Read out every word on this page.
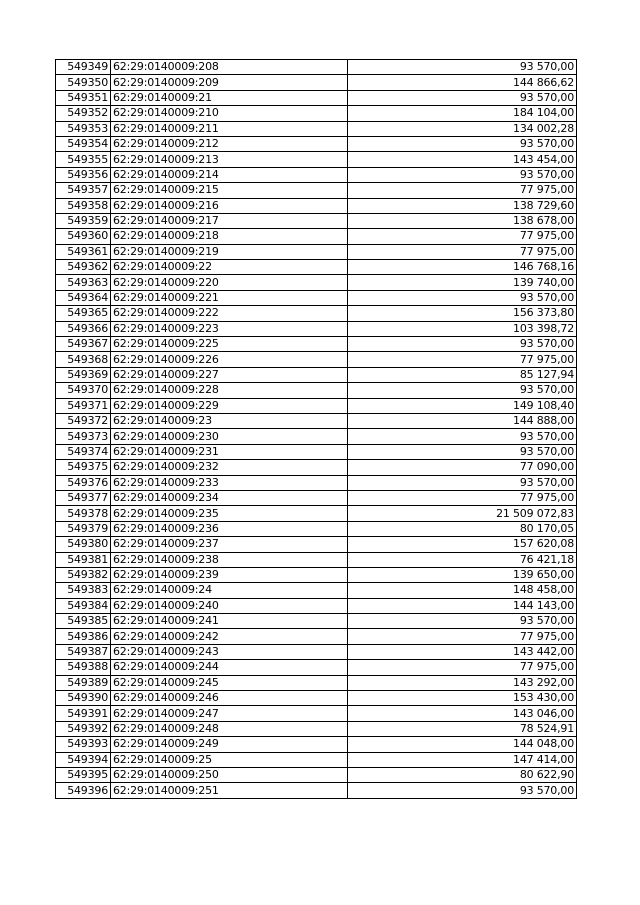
549349	62:29:0140009:208	93 570,00
549350	62:29:0140009:209	144 866,62
549351	62:29:0140009:21	93 570,00
549352	62:29:0140009:210	184 104,00
549353	62:29:0140009:211	134 002,28
549354	62:29:0140009:212	93 570,00
549355	62:29:0140009:213	143 454,00
549356	62:29:0140009:214	93 570,00
549357	62:29:0140009:215	77 975,00
549358	62:29:0140009:216	138 729,60
549359	62:29:0140009:217	138 678,00
549360	62:29:0140009:218	77 975,00
549361	62:29:0140009:219	77 975,00
549362	62:29:0140009:22	146 768,16
549363	62:29:0140009:220	139 740,00
549364	62:29:0140009:221	93 570,00
549365	62:29:0140009:222	156 373,80
549366	62:29:0140009:223	103 398,72
549367	62:29:0140009:225	93 570,00
549368	62:29:0140009:226	77 975,00
549369	62:29:0140009:227	85 127,94
549370	62:29:0140009:228	93 570,00
549371	62:29:0140009:229	149 108,40
549372	62:29:0140009:23	144 888,00
549373	62:29:0140009:230	93 570,00
549374	62:29:0140009:231	93 570,00
549375	62:29:0140009:232	77 090,00
549376	62:29:0140009:233	93 570,00
549377	62:29:0140009:234	77 975,00
549378	62:29:0140009:235	21 509 072,83
549379	62:29:0140009:236	80 170,05
549380	62:29:0140009:237	157 620,08
549381	62:29:0140009:238	76 421,18
549382	62:29:0140009:239	139 650,00
549383	62:29:0140009:24	148 458,00
549384	62:29:0140009:240	144 143,00
549385	62:29:0140009:241	93 570,00
549386	62:29:0140009:242	77 975,00
549387	62:29:0140009:243	143 442,00
549388	62:29:0140009:244	77 975,00
549389	62:29:0140009:245	143 292,00
549390	62:29:0140009:246	153 430,00
549391	62:29:0140009:247	143 046,00
549392	62:29:0140009:248	78 524,91
549393	62:29:0140009:249	144 048,00
549394	62:29:0140009:25	147 414,00
549395	62:29:0140009:250	80 622,90
549396	62:29:0140009:251	93 570,00
